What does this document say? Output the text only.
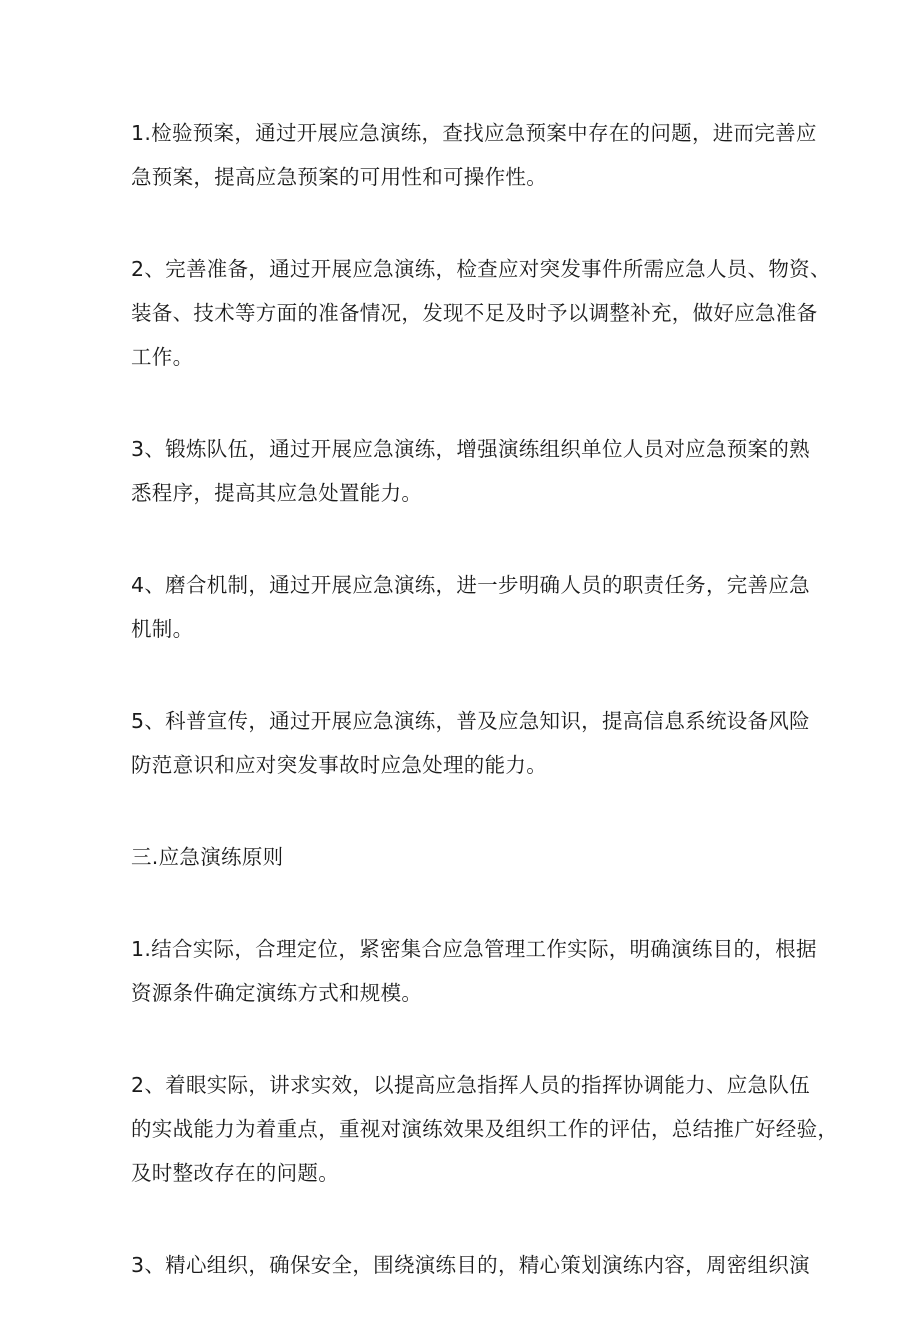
1.检验预案，通过开展应急演练，查找应急预案中存在的问题，进而完善应
急预案，提高应急预案的可用性和可操作性。

2、完善准备，通过开展应急演练，检查应对突发事件所需应急人员、物资、
装备、技术等方面的准备情况，发现不足及时予以调整补充，做好应急准备
工作。

3、锻炼队伍，通过开展应急演练，增强演练组织单位人员对应急预案的熟
悉程序，提高其应急处置能力。

4、磨合机制，通过开展应急演练，进一步明确人员的职责任务，完善应急
机制。

5、科普宣传，通过开展应急演练，普及应急知识，提高信息系统设备风险
防范意识和应对突发事故时应急处理的能力。

三.应急演练原则

1.结合实际，合理定位，紧密集合应急管理工作实际，明确演练目的，根据
资源条件确定演练方式和规模。

2、着眼实际，讲求实效，以提高应急指挥人员的指挥协调能力、应急队伍
的实战能力为着重点，重视对演练效果及组织工作的评估，总结推广好经验，
及时整改存在的问题。

3、精心组织，确保安全，围绕演练目的，精心策划演练内容，周密组织演
